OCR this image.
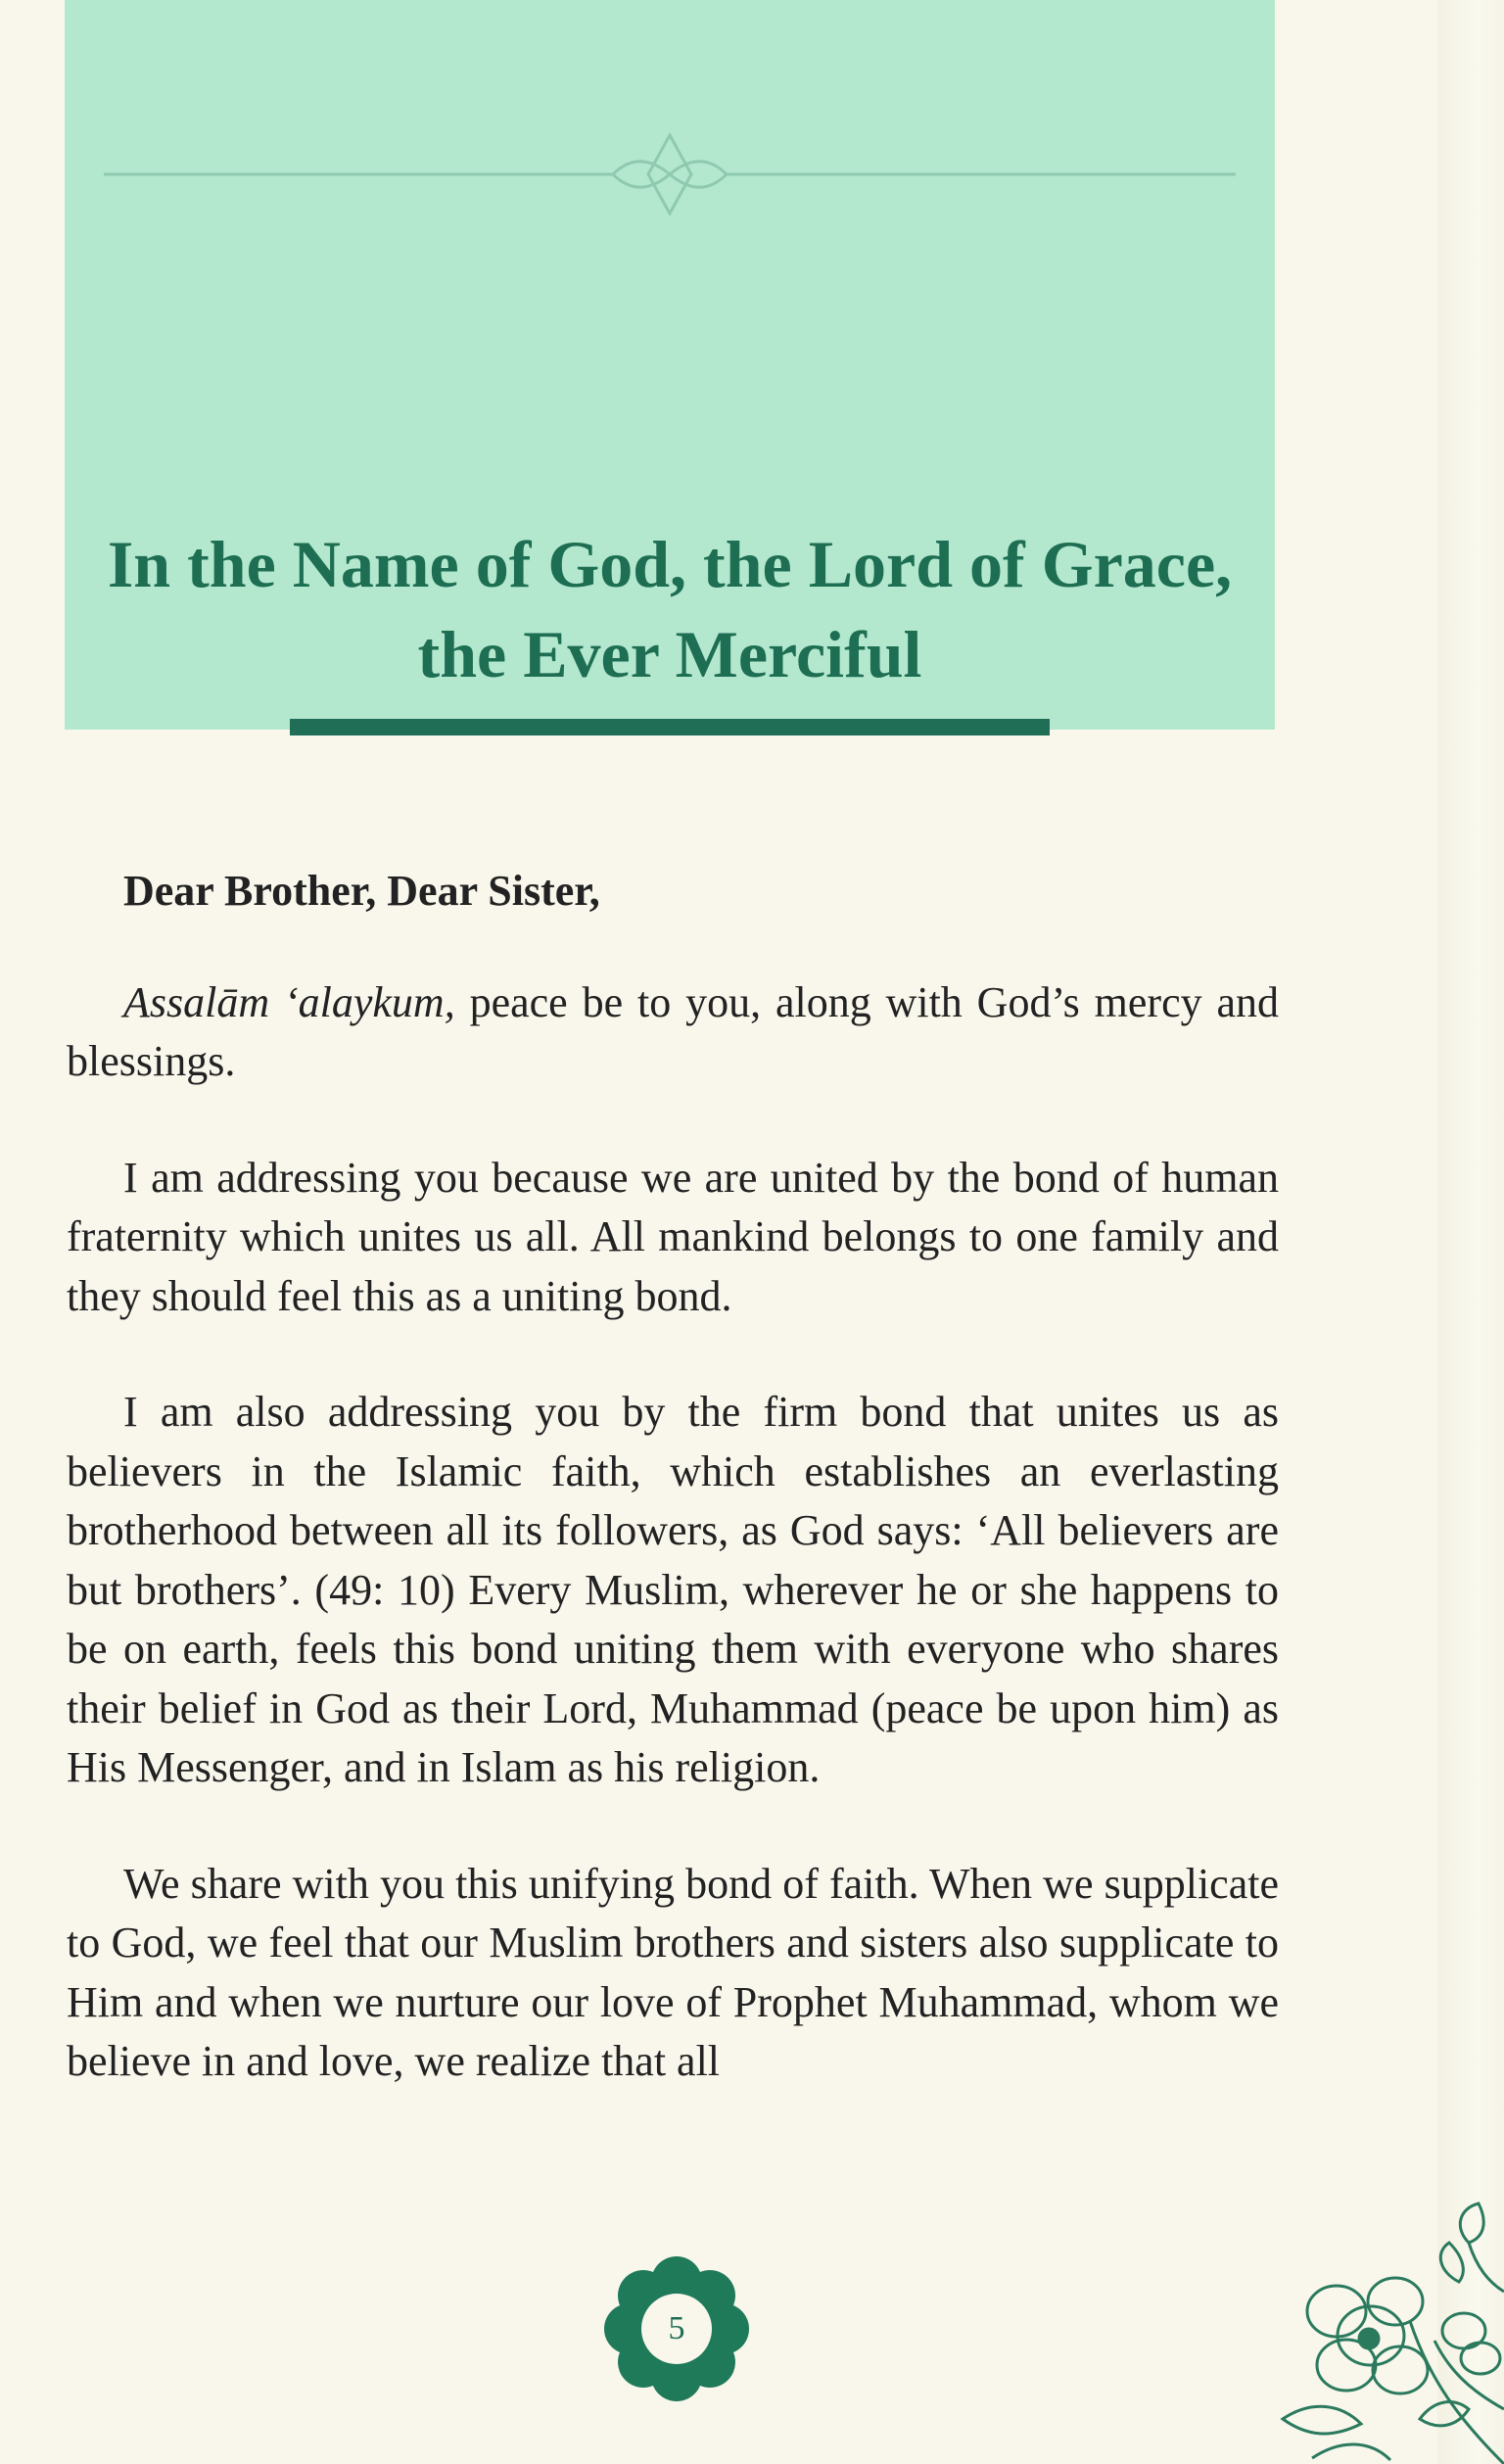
In the Name of God, the Lord of Grace,
the Ever Merciful

Dear Brother, Dear Sister,

Assalām ‘alaykum, peace be to you, along with God’s mercy and blessings.

I am addressing you because we are united by the bond of human fraternity which unites us all. All mankind belongs to one family and they should feel this as a uniting bond.

I am also addressing you by the firm bond that unites us as believers in the Islamic faith, which establishes an everlasting brotherhood between all its followers, as God says: ‘All believers are but brothers’. (49: 10) Every Muslim, wherever he or she happens to be on earth, feels this bond uniting them with everyone who shares their belief in God as their Lord, Muhammad (peace be upon him) as His Messenger, and in Islam as his religion.

We share with you this unifying bond of faith. When we supplicate to God, we feel that our Muslim brothers and sisters also supplicate to Him and when we nurture our love of Prophet Muhammad, whom we believe in and love, we realize that all

5
